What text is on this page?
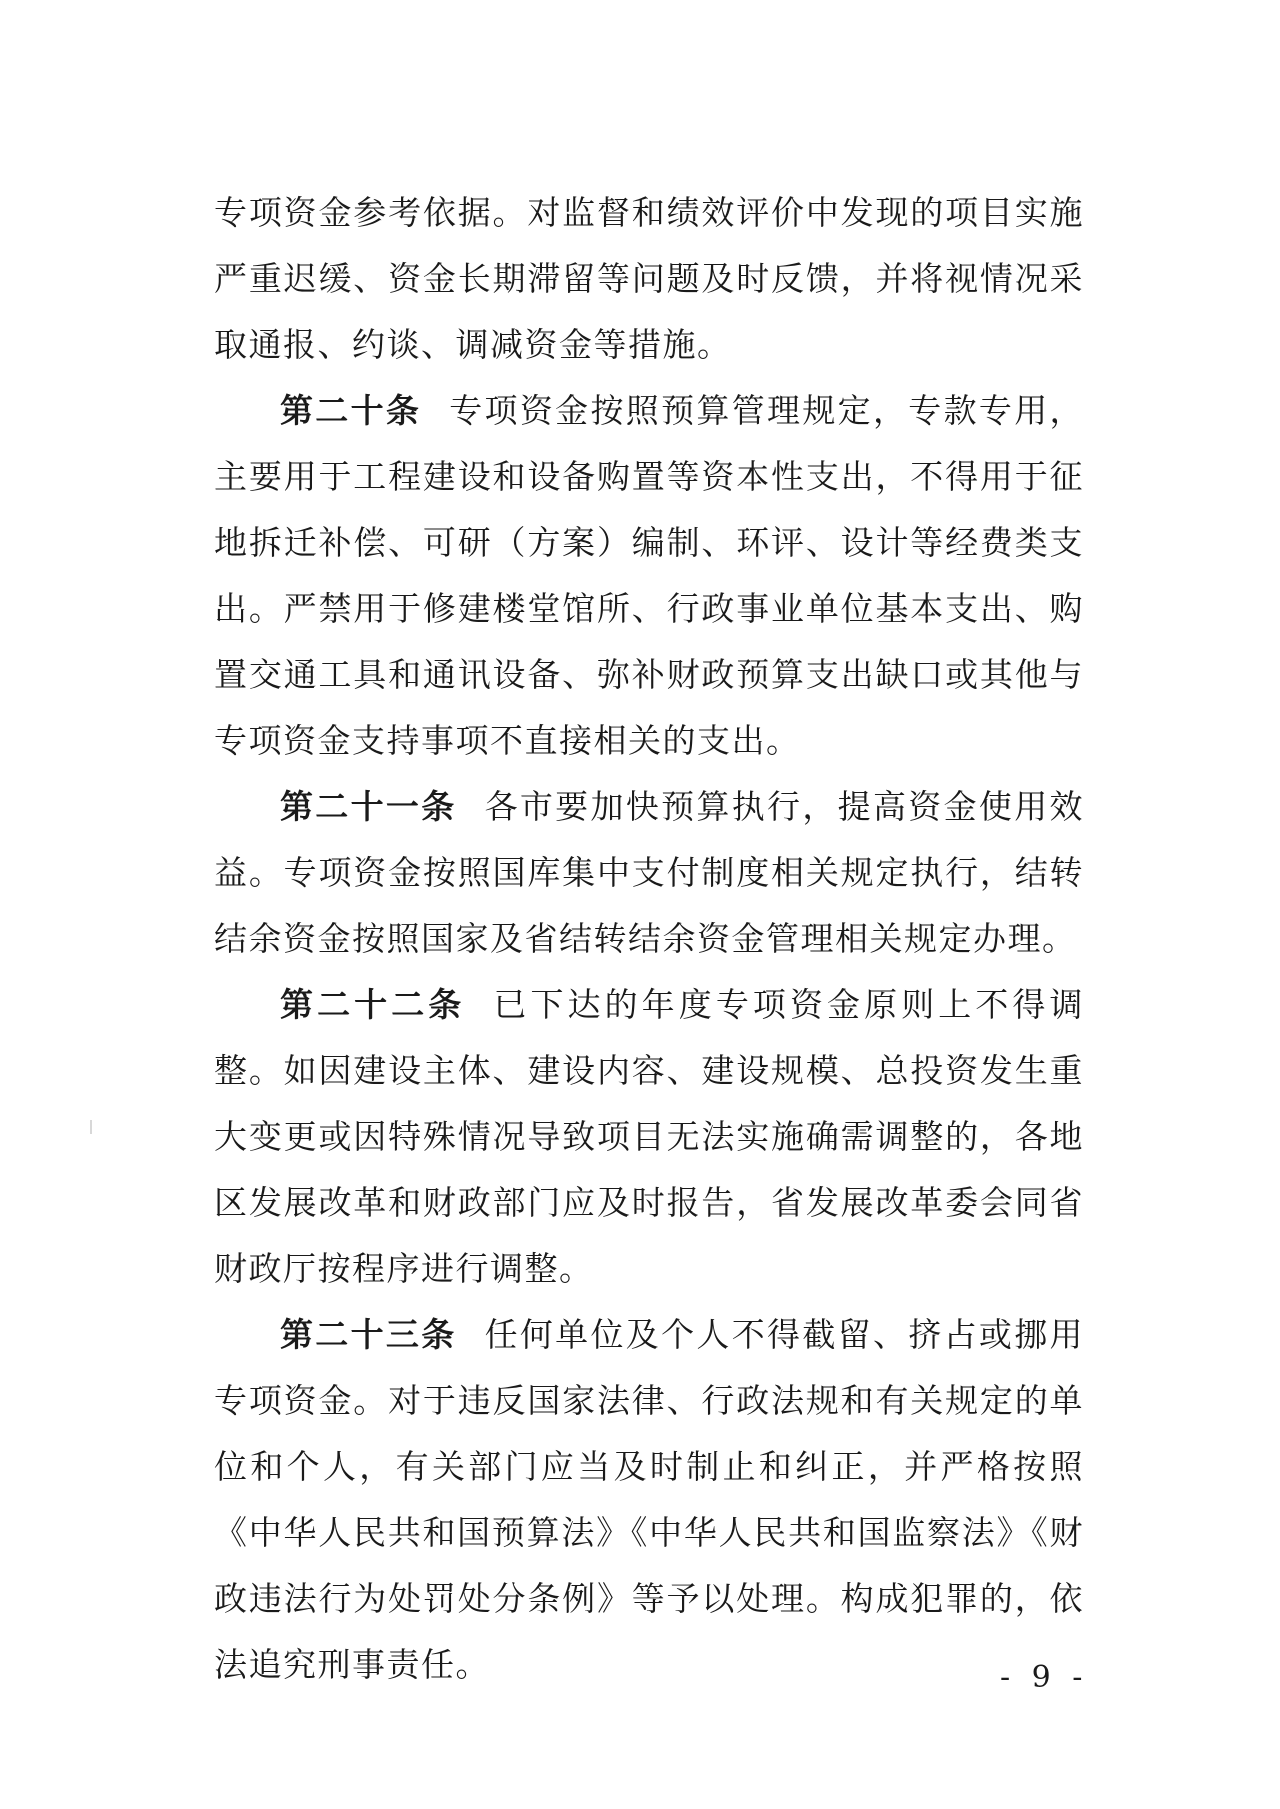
专项资金参考依据。对监督和绩效评价中发现的项目实施严重迟缓、资金长期滞留等问题及时反馈，并将视情况采取通报、约谈、调减资金等措施。

第二十条 专项资金按照预算管理规定，专款专用，主要用于工程建设和设备购置等资本性支出，不得用于征地拆迁补偿、可研（方案）编制、环评、设计等经费类支出。严禁用于修建楼堂馆所、行政事业单位基本支出、购置交通工具和通讯设备、弥补财政预算支出缺口或其他与专项资金支持事项不直接相关的支出。

第二十一条 各市要加快预算执行，提高资金使用效益。专项资金按照国库集中支付制度相关规定执行，结转结余资金按照国家及省结转结余资金管理相关规定办理。

第二十二条 已下达的年度专项资金原则上不得调整。如因建设主体、建设内容、建设规模、总投资发生重大变更或因特殊情况导致项目无法实施确需调整的，各地区发展改革和财政部门应及时报告，省发展改革委会同省财政厅按程序进行调整。

第二十三条 任何单位及个人不得截留、挤占或挪用专项资金。对于违反国家法律、行政法规和有关规定的单位和个人，有关部门应当及时制止和纠正，并严格按照《中华人民共和国预算法》《中华人民共和国监察法》《财政违法行为处罚处分条例》等予以处理。构成犯罪的，依法追究刑事责任。	- 9 -
